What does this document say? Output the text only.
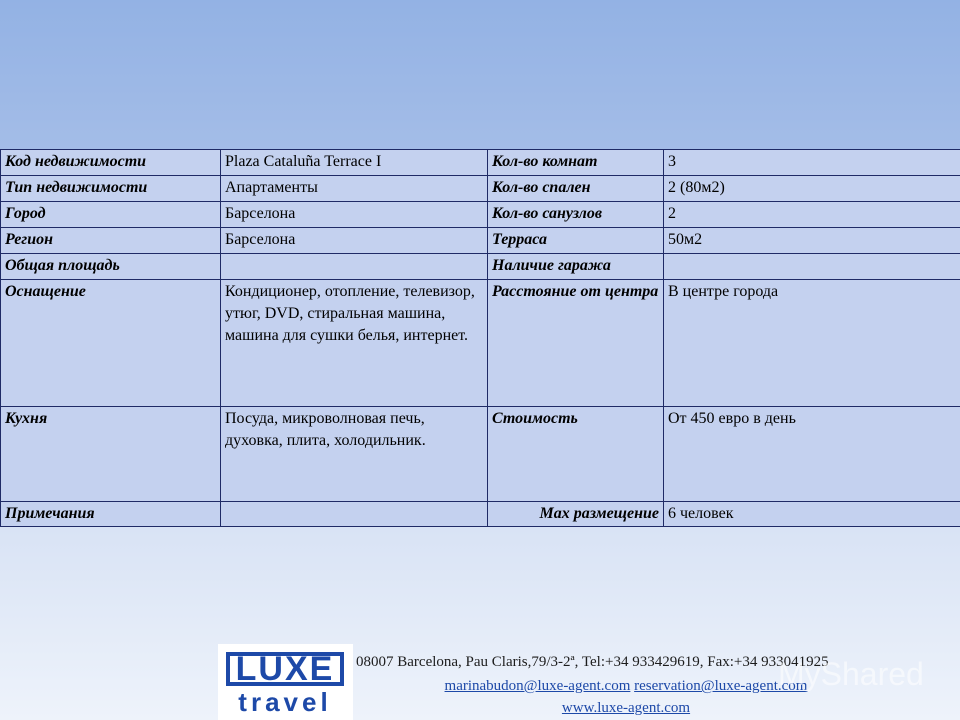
Код недвижимости	Plaza Cataluña Terrace I	Кол-во комнат	3
Тип недвижимости	Апартаменты	Кол-во спален	2 (80м2)
Город	Барселона	Кол-во санузлов	2
Регион	Барселона	Терраса	50м2
Общая площадь		Наличие гаража	
Оснащение	Кондиционер, отопление, телевизор, утюг, DVD, стиральная машина, машина для сушки белья, интернет.	Расстояние от центра	В центре города
Кухня	Посуда, микроволновая печь, духовка, плита, холодильник.	Стоимость	От 450 евро в день
Примечания		Max размещение	6 человек
LUXE
travel
08007 Barcelona, Pau Claris,79/3-2ª, Tel:+34 933429619, Fax:+34 933041925
marinabudon@luxe-agent.com reservation@luxe-agent.com
www.luxe-agent.com
MyShared
